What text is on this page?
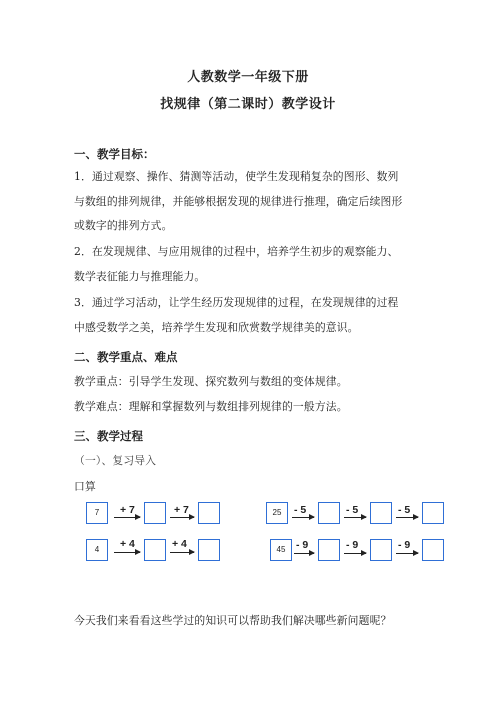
人教数学一年级下册
找规律（第二课时）教学设计
一、教学目标：
1．通过观察、操作、猜测等活动，使学生发现稍复杂的图形、数列
与数组的排列规律，并能够根据发现的规律进行推理，确定后续图形
或数字的排列方式。
2．在发现规律、与应用规律的过程中，培养学生初步的观察能力、
数学表征能力与推理能力。
3．通过学习活动，让学生经历发现规律的过程，在发现规律的过程
中感受数学之美，培养学生发现和欣赏数学规律美的意识。
二、教学重点、难点
教学重点：引导学生发现、探究数列与数组的变体规律。
教学难点：理解和掌握数列与数组排列规律的一般方法。
三、教学过程
（一）、复习导入
口算
7	+ 7	+ 7	25	- 5	- 5	- 5
4	+ 4	+ 4	45	- 9	- 9	- 9
今天我们来看看这些学过的知识可以帮助我们解决哪些新问题呢？
